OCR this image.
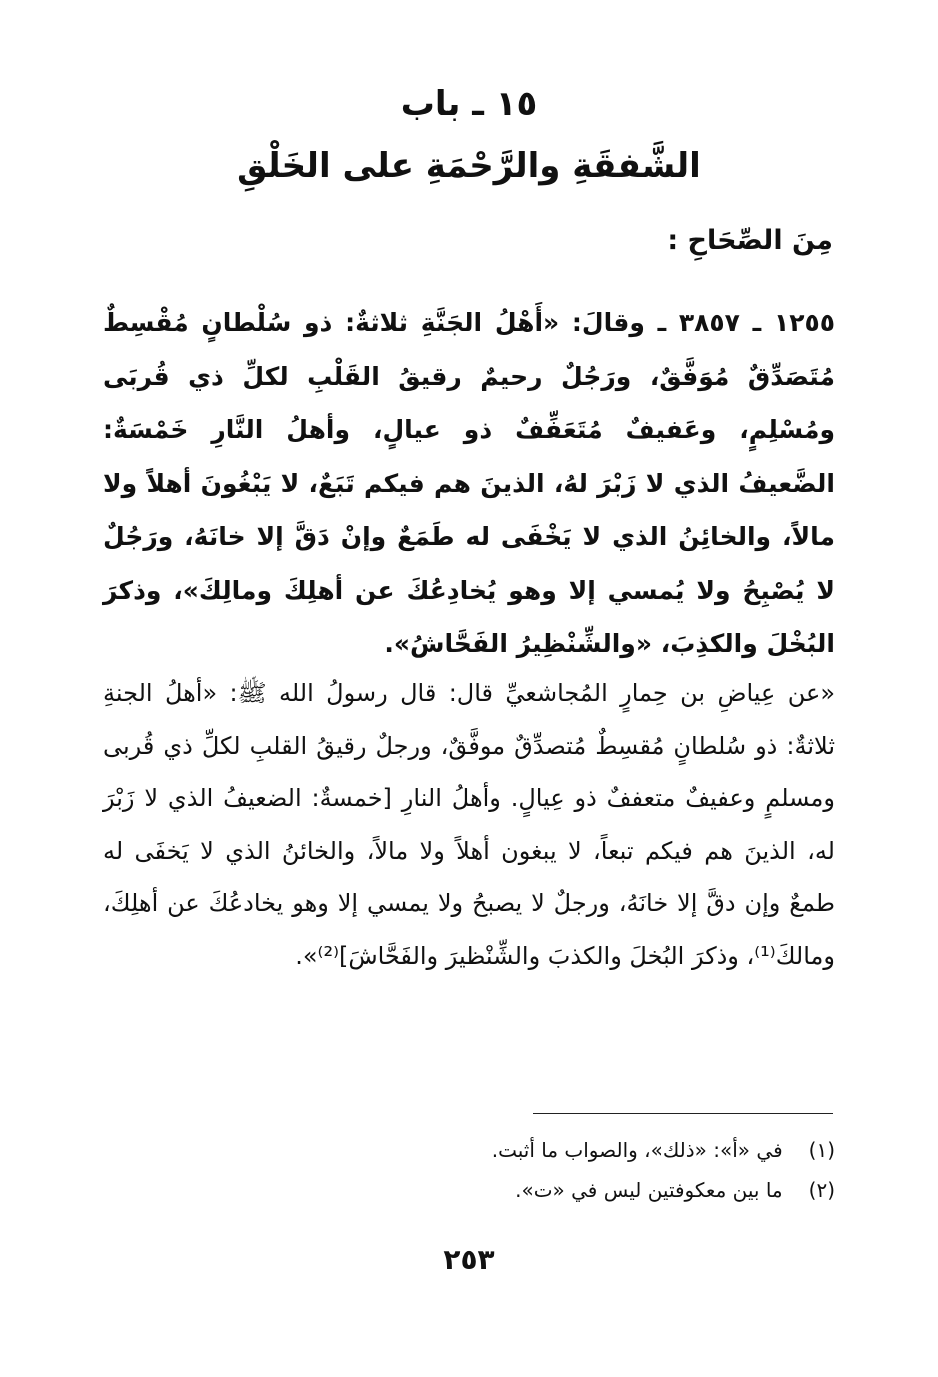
١٥ ـ باب
الشَّفقَةِ والرَّحْمَةِ على الخَلْقِ
مِنَ الصِّحَاحِ :

١٢٥٥ ـ ٣٨٥٧ ـ وقالَ: «أَهْلُ الجَنَّةِ ثلاثةٌ: ذو سُلْطانٍ مُقْسِطٌ مُتَصَدِّقٌ مُوَفَّقٌ، ورَجُلٌ رحيمٌ رقيقُ القَلْبِ لكلِّ ذي قُربَى ومُسْلِمٍ، وعَفيفٌ مُتَعَفِّفٌ ذو عيالٍ، وأهلُ النَّارِ خَمْسَةٌ: الضَّعيفُ الذي لا زَبْرَ لهُ، الذينَ هم فيكم تَبَعٌ، لا يَبْغُونَ أهلاً ولا مالاً، والخائِنُ الذي لا يَخْفَى له طَمَعٌ وإنْ دَقَّ إلا خانَهُ، ورَجُلٌ لا يُصْبِحُ ولا يُمسي إلا وهو يُخادِعُكَ عن أهلِكَ ومالِكَ»، وذكرَ البُخْلَ والكذِبَ، «والشِّنْظِيرُ الفَحَّاشُ».

«عن عِياضِ بن حِمارٍ المُجاشعيِّ قال: قال رسولُ الله ﷺ: «أهلُ الجنةِ ثلاثةٌ: ذو سُلطانٍ مُقسِطٌ مُتصدِّقٌ موفَّقٌ، ورجلٌ رقيقُ القلبِ لكلِّ ذي قُربى ومسلمٍ وعفيفٌ متعففٌ ذو عِيالٍ. وأهلُ النارِ [خمسةٌ: الضعيفُ الذي لا زَبْرَ له، الذينَ هم فيكم تبعاً، لا يبغون أهلاً ولا مالاً، والخائنُ الذي لا يَخفَى له طمعٌ وإن دقَّ إلا خانَهُ، ورجلٌ لا يصبحُ ولا يمسي إلا وهو يخادعُكَ عن أهلِكَ، ومالكَ⁽¹⁾، وذكرَ البُخلَ والكذبَ والشِّنْظيرَ والفَحَّاشَ]⁽²⁾».

(١) في «أ»: «ذلك»، والصواب ما أثبت.
(٢) ما بين معكوفتين ليس في «ت».
٢٥٣
